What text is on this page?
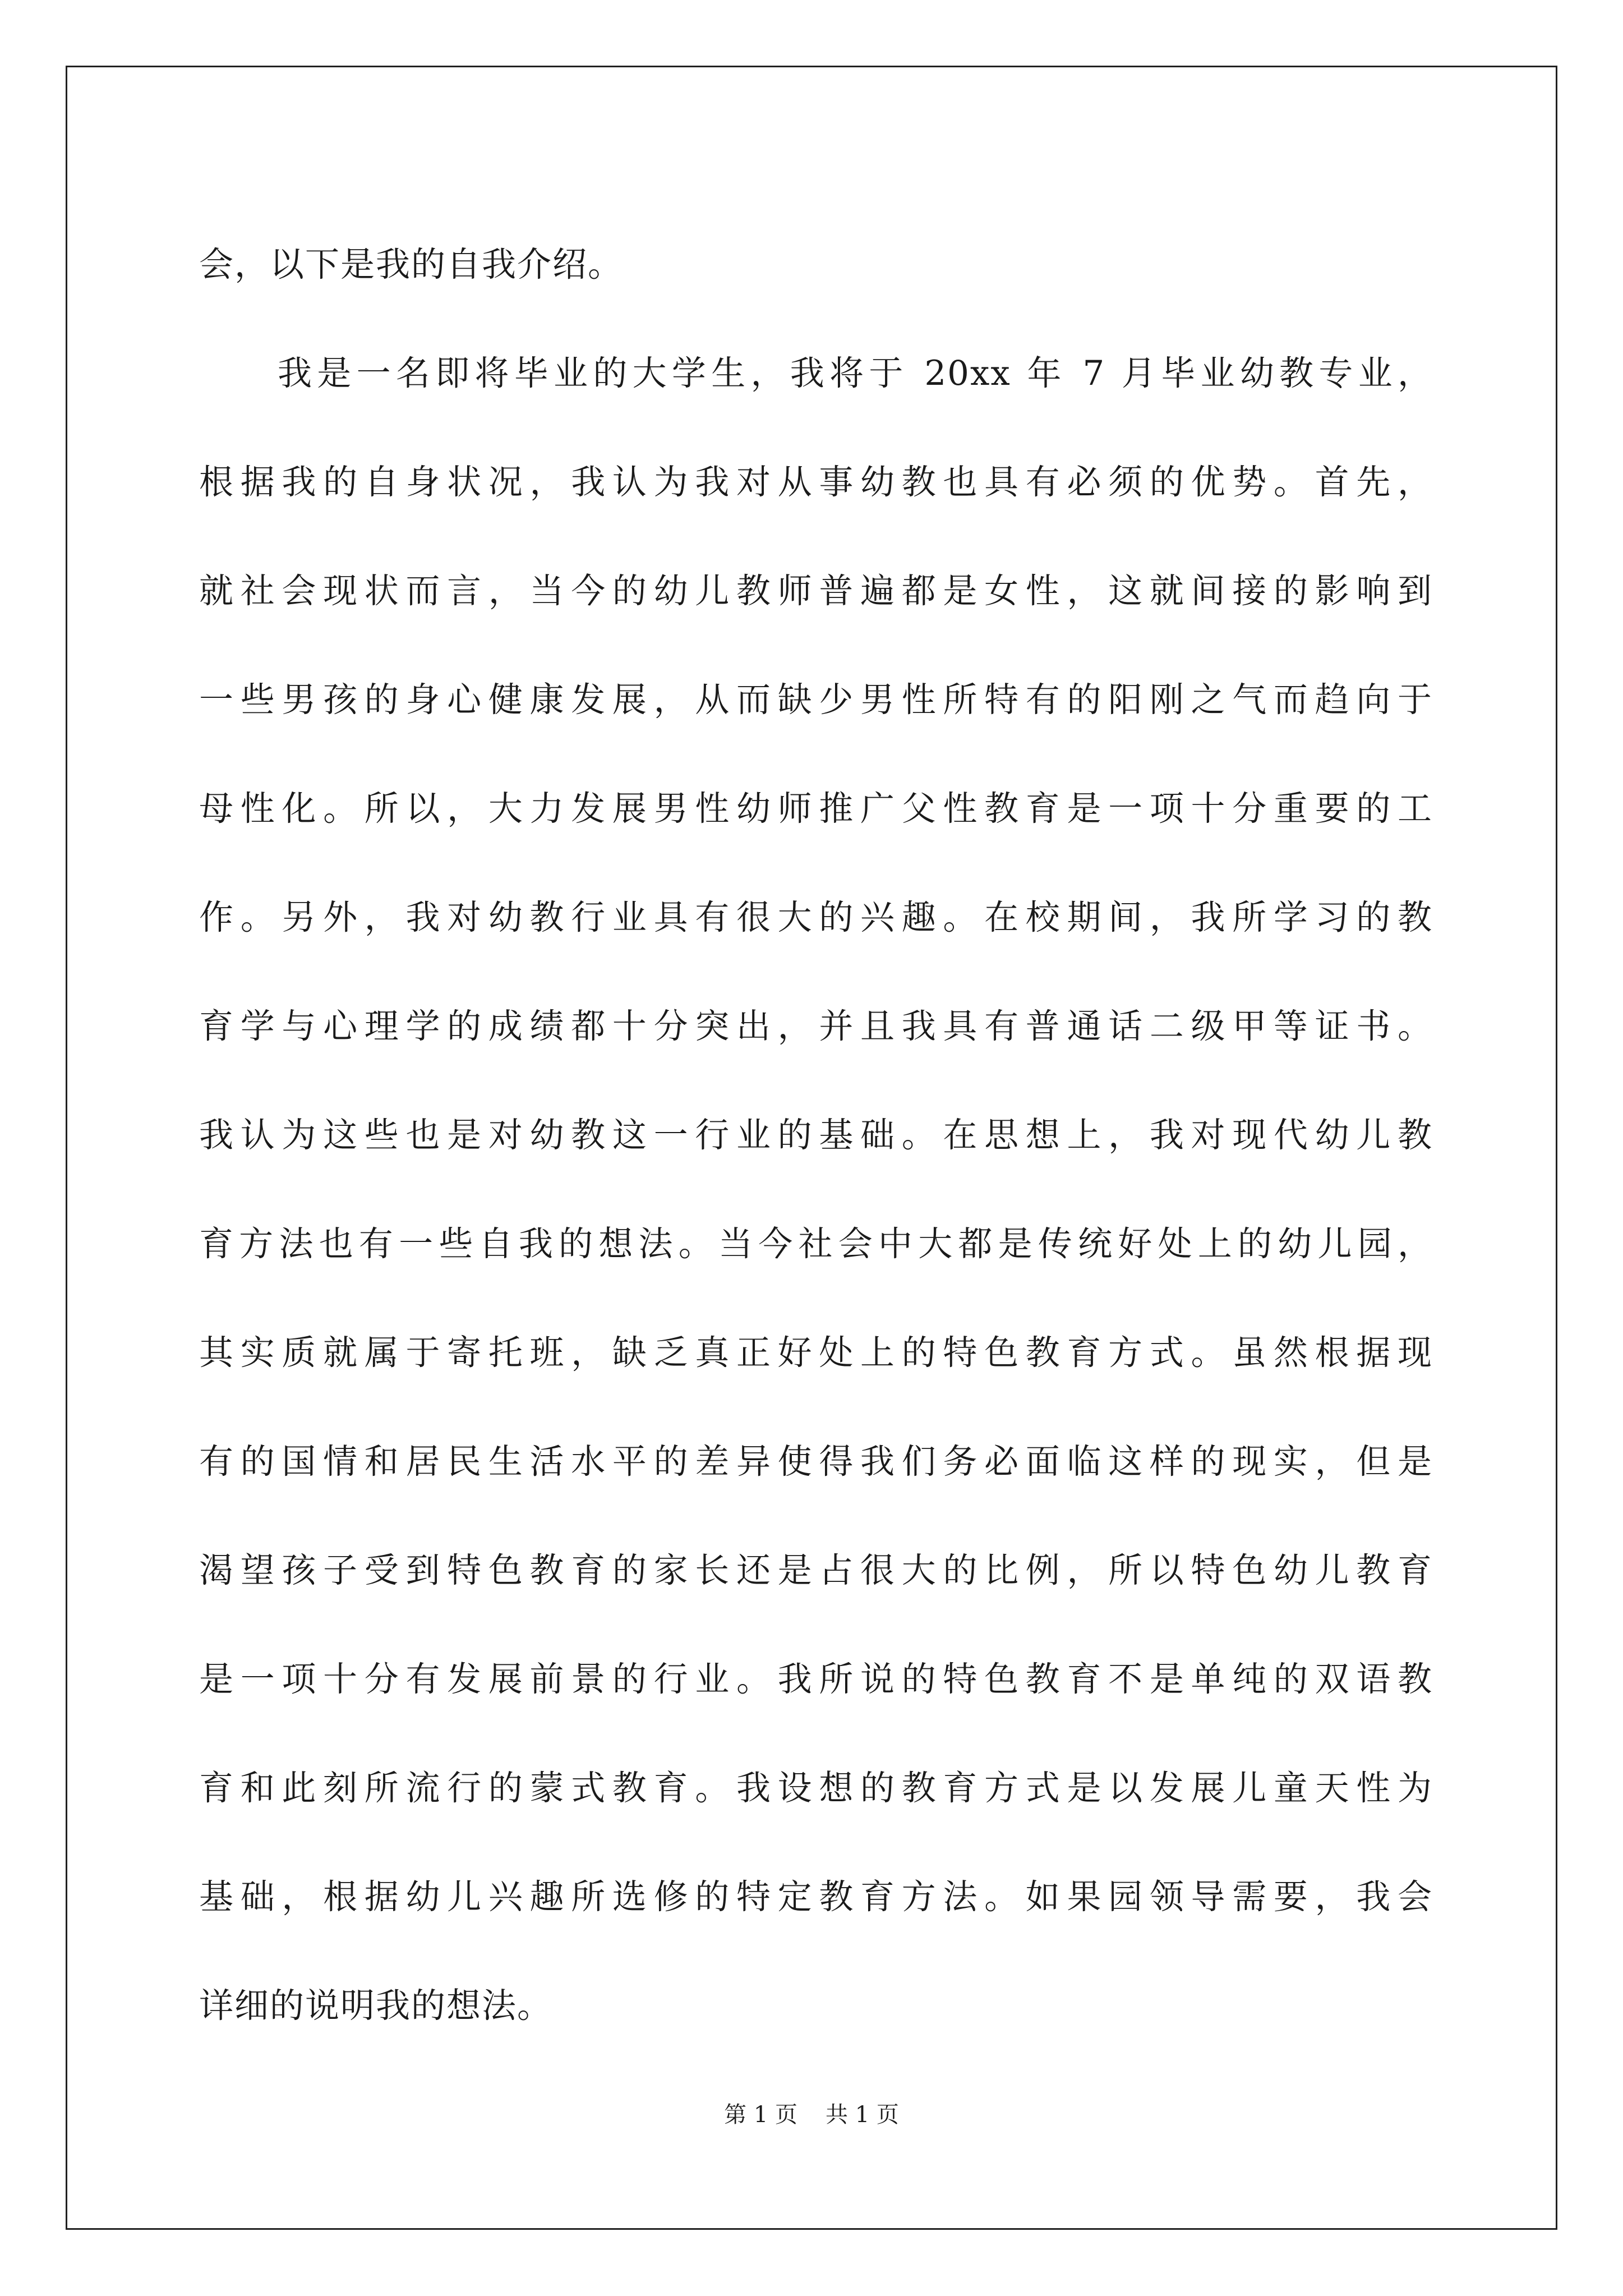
会，以下是我的自我介绍。
我是一名即将毕业的大学生，我将于 20xx 年 7 月毕业幼教专业，
根据我的自身状况，我认为我对从事幼教也具有必须的优势。首先，
就社会现状而言，当今的幼儿教师普遍都是女性，这就间接的影响到
一些男孩的身心健康发展，从而缺少男性所特有的阳刚之气而趋向于
母性化。所以，大力发展男性幼师推广父性教育是一项十分重要的工
作。另外，我对幼教行业具有很大的兴趣。在校期间，我所学习的教
育学与心理学的成绩都十分突出，并且我具有普通话二级甲等证书。
我认为这些也是对幼教这一行业的基础。在思想上，我对现代幼儿教
育方法也有一些自我的想法。当今社会中大都是传统好处上的幼儿园，
其实质就属于寄托班，缺乏真正好处上的特色教育方式。虽然根据现
有的国情和居民生活水平的差异使得我们务必面临这样的现实，但是
渴望孩子受到特色教育的家长还是占很大的比例，所以特色幼儿教育
是一项十分有发展前景的行业。我所说的特色教育不是单纯的双语教
育和此刻所流行的蒙式教育。我设想的教育方式是以发展儿童天性为
基础，根据幼儿兴趣所选修的特定教育方法。如果园领导需要，我会
详细的说明我的想法。
第 1 页 共 1 页
